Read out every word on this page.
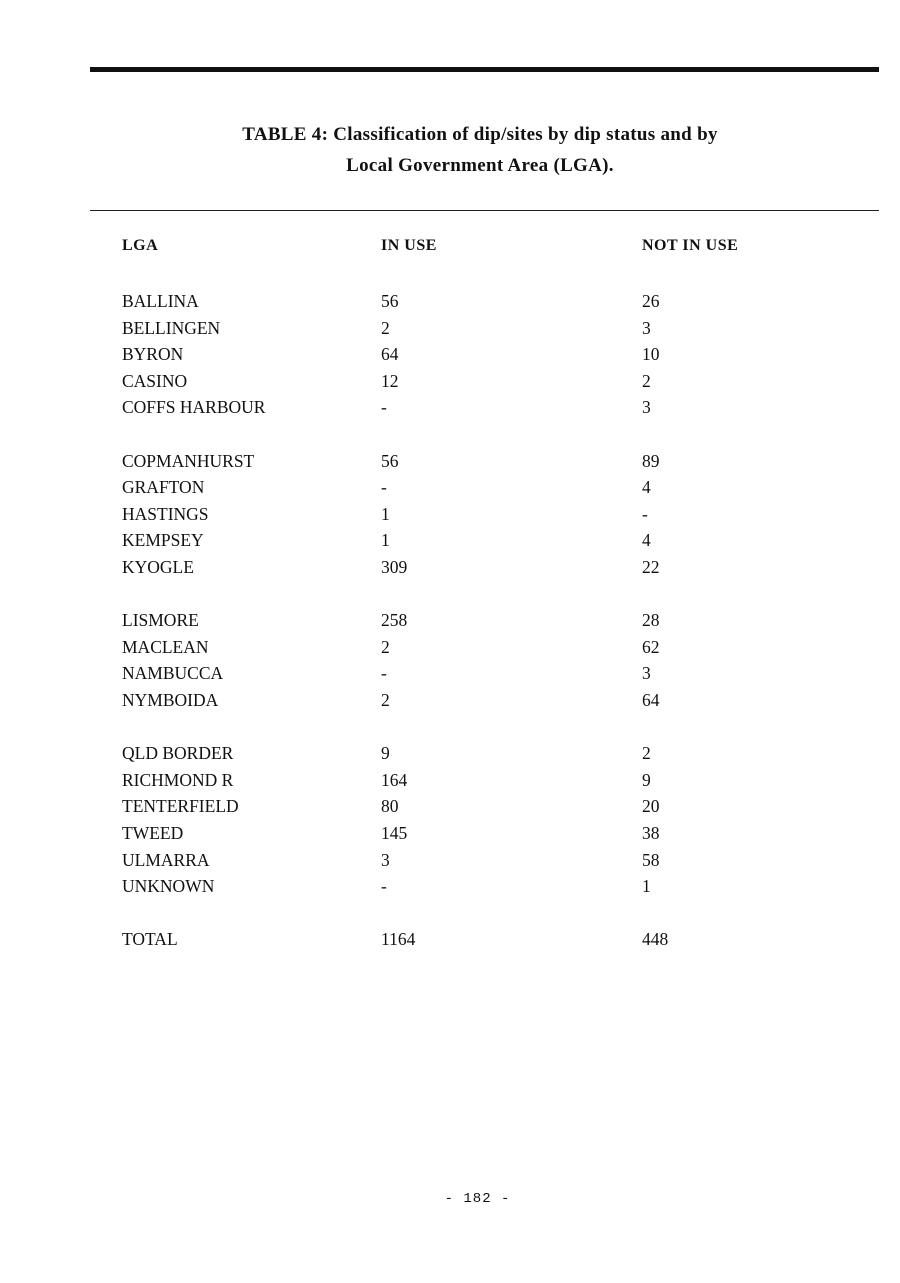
TABLE 4: Classification of dip/sites by dip status and by
Local Government Area (LGA).
LGA	IN USE	NOT IN USE
BALLINA	56	26
BELLINGEN	2	3
BYRON	64	10
CASINO	12	2
COFFS HARBOUR	-	3
COPMANHURST	56	89
GRAFTON	-	4
HASTINGS	1	-
KEMPSEY	1	4
KYOGLE	309	22
LISMORE	258	28
MACLEAN	2	62
NAMBUCCA	-	3
NYMBOIDA	2	64
QLD BORDER	9	2
RICHMOND R	164	9
TENTERFIELD	80	20
TWEED	145	38
ULMARRA	3	58
UNKNOWN	-	1
TOTAL	1164	448
- 182 -
